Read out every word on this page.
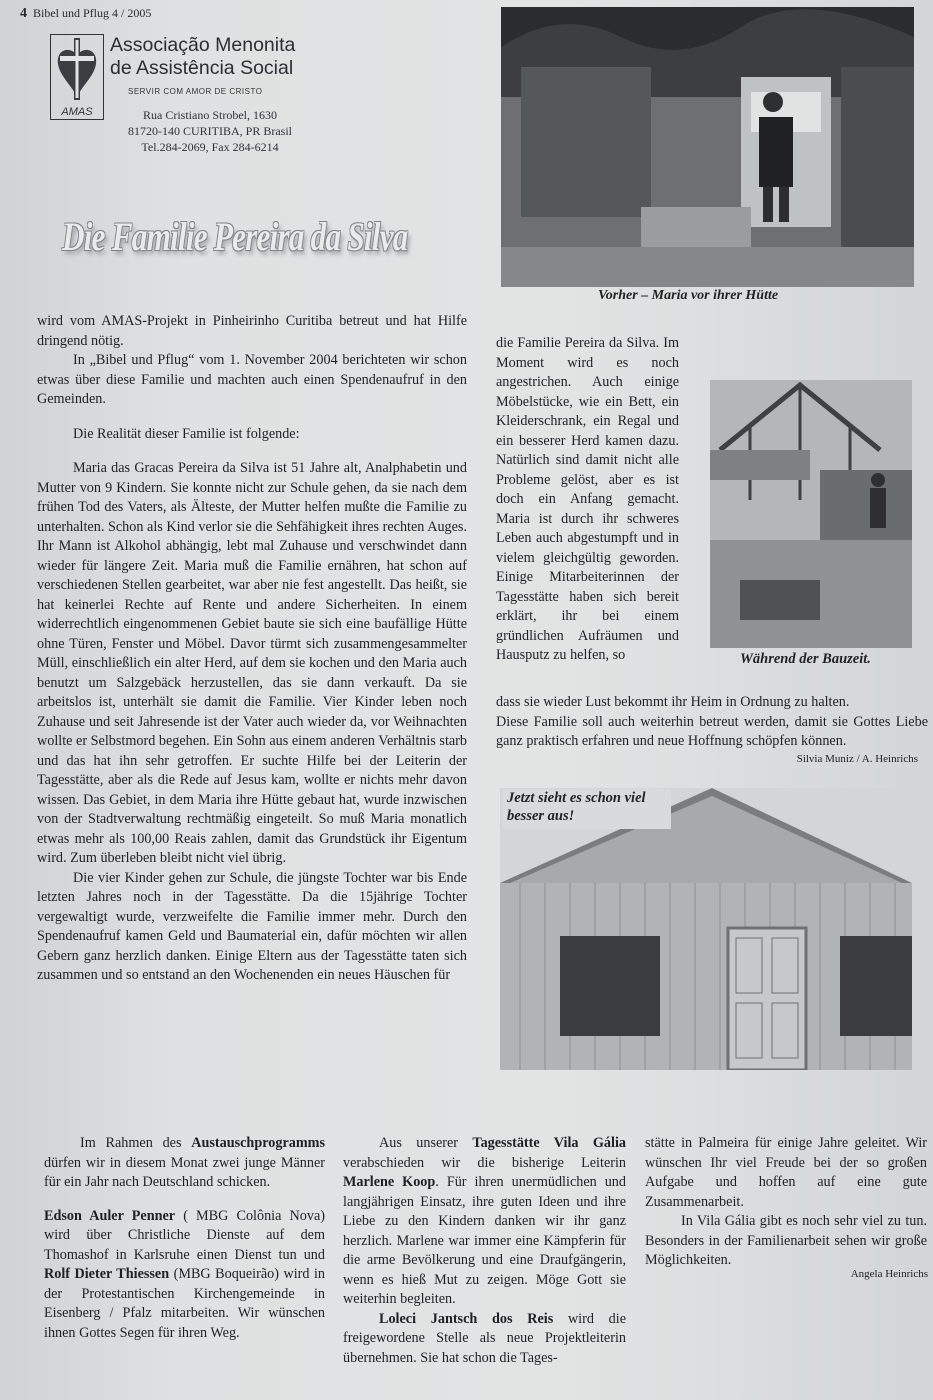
4 Bibel und Pflug 4 / 2005
AMAS
Associação Menonita
de Assistência Social
SERVIR COM AMOR DE CRISTO
Rua Cristiano Strobel, 1630
81720-140 CURITIBA, PR Brasil
Tel.284-2069, Fax 284-6214
Die Familie Pereira da Silva
Vorher – Maria vor ihrer Hütte
Während der Bauzeit.
Jetzt sieht es schon viel besser aus!

wird vom AMAS-Projekt in Pinheirinho Curitiba betreut und hat Hilfe dringend nötig.

In „Bibel und Pflug“ vom 1. November 2004 berichteten wir schon etwas über diese Familie und machten auch einen Spendenaufruf in den Gemeinden.

Die Realität dieser Familie ist folgende:

Maria das Gracas Pereira da Silva ist 51 Jahre alt, Analphabetin und Mutter von 9 Kindern. Sie konnte nicht zur Schule gehen, da sie nach dem frühen Tod des Vaters, als Älteste, der Mutter helfen mußte die Familie zu unterhalten. Schon als Kind verlor sie die Sehfähigkeit ihres rechten Auges. Ihr Mann ist Alkohol abhängig, lebt mal Zuhause und verschwindet dann wieder für längere Zeit. Maria muß die Familie ernähren, hat schon auf verschiedenen Stellen gearbeitet, war aber nie fest angestellt. Das heißt, sie hat keinerlei Rechte auf Rente und andere Sicherheiten. In einem widerrechtlich eingenommenen Gebiet baute sie sich eine baufällige Hütte ohne Türen, Fenster und Möbel. Davor türmt sich zusammengesammelter Müll, einschließlich ein alter Herd, auf dem sie kochen und den Maria auch benutzt um Salzgebäck herzustellen, das sie dann verkauft. Da sie arbeitslos ist, unterhält sie damit die Familie. Vier Kinder leben noch Zuhause und seit Jahresende ist der Vater auch wieder da, vor Weihnachten wollte er Selbstmord begehen. Ein Sohn aus einem anderen Verhältnis starb und das hat ihn sehr getroffen. Er suchte Hilfe bei der Leiterin der Tagesstätte, aber als die Rede auf Jesus kam, wollte er nichts mehr davon wissen. Das Gebiet, in dem Maria ihre Hütte gebaut hat, wurde inzwischen von der Stadtverwaltung rechtmäßig eingeteilt. So muß Maria monatlich etwas mehr als 100,00 Reais zahlen, damit das Grundstück ihr Eigentum wird. Zum überleben bleibt nicht viel übrig.

Die vier Kinder gehen zur Schule, die jüngste Tochter war bis Ende letzten Jahres noch in der Tagesstätte. Da die 15jährige Tochter vergewaltigt wurde, verzweifelte die Familie immer mehr. Durch den Spendenaufruf kamen Geld und Baumaterial ein, dafür möchten wir allen Gebern ganz herzlich danken. Einige Eltern aus der Tagesstätte taten sich zusammen und so entstand an den Wochenenden ein neues Häuschen für

die Familie Pereira da Silva. Im Moment wird es noch angestrichen. Auch einige Möbelstücke, wie ein Bett, ein Kleiderschrank, ein Regal und ein besserer Herd kamen dazu. Natürlich sind damit nicht alle Probleme gelöst, aber es ist doch ein Anfang gemacht. Maria ist durch ihr schweres Leben auch abgestumpft und in vielem gleichgültig geworden. Einige Mitarbeiterinnen der Tagesstätte haben sich bereit erklärt, ihr bei einem gründlichen Aufräumen und Hausputz zu helfen, so

dass sie wieder Lust bekommt ihr Heim in Ordnung zu halten.

Diese Familie soll auch weiterhin betreut werden, damit sie Gottes Liebe ganz praktisch erfahren und neue Hoffnung schöpfen können.

Silvia Muniz / A. Heinrichs

Im Rahmen des Austauschprogramms dürfen wir in diesem Monat zwei junge Männer für ein Jahr nach Deutschland schicken.

Edson Auler Penner ( MBG Colônia Nova) wird über Christliche Dienste auf dem Thomashof in Karlsruhe einen Dienst tun und Rolf Dieter Thiessen (MBG Boqueirão) wird in der Protestantischen Kirchengemeinde in Eisenberg / Pfalz mitarbeiten. Wir wünschen ihnen Gottes Segen für ihren Weg.

Aus unserer Tagesstätte Vila Gália verabschieden wir die bisherige Leiterin Marlene Koop. Für ihren unermüdlichen und langjährigen Einsatz, ihre guten Ideen und ihre Liebe zu den Kindern danken wir ihr ganz herzlich. Marlene war immer eine Kämpferin für die arme Bevölkerung und eine Draufgängerin, wenn es hieß Mut zu zeigen. Möge Gott sie weiterhin begleiten.

Loleci Jantsch dos Reis wird die freigewordene Stelle als neue Projektleiterin übernehmen. Sie hat schon die Tages-

stätte in Palmeira für einige Jahre geleitet. Wir wünschen Ihr viel Freude bei der so großen Aufgabe und hoffen auf eine gute Zusammenarbeit.

In Vila Gália gibt es noch sehr viel zu tun. Besonders in der Familienarbeit sehen wir große Möglichkeiten.

Angela Heinrichs
